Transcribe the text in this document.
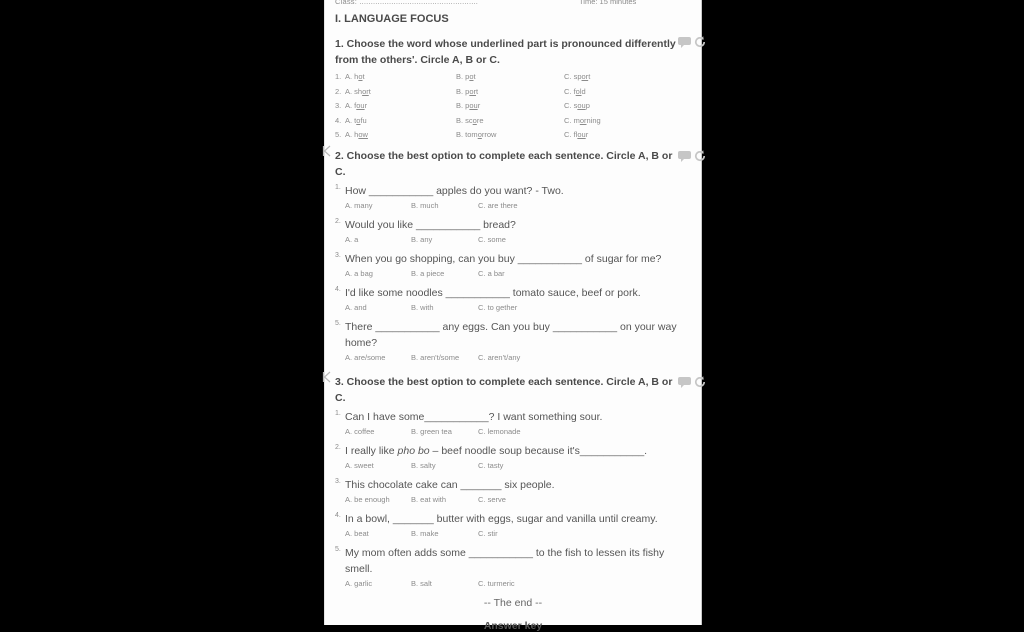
Class: ....................................................	Time: 15 minutes
I. LANGUAGE FOCUS
1. Choose the word whose underlined part is pronounced differently from the others'. Circle A, B or C.
1. A. hot	B. pot	C. sport
2. A. short	B. port	C. fold
3. A. four	B. pour	C. soup
4. A. tofu	B. score	C. morning
5. A. how	B. tomorrow	C. flour
2. Choose the best option to complete each sentence. Circle A, B or C.
1. How ___________ apples do you want? - Two.
A. many	B. much	C. are there
2. Would you like ___________ bread?
A. a	B. any	C. some
3. When you go shopping, can you buy ___________ of sugar for me?
A. a bag	B. a piece	C. a bar
4. I'd like some noodles ___________ tomato sauce, beef or pork.
A. and	B. with	C. to gether
5. There ___________ any eggs. Can you buy ___________ on your way home?
A. are/some	B. aren't/some	C. aren't/any
3. Choose the best option to complete each sentence. Circle A, B or C.
1. Can I have some___________? I want something sour.
A. coffee	B. green tea	C. lemonade
2. I really like pho bo – beef noodle soup because it's___________.
A. sweet	B. salty	C. tasty
3. This chocolate cake can _______ six people.
A. be enough	B. eat with	C. serve
4. In a bowl, _______ butter with eggs, sugar and vanilla until creamy.
A. beat	B. make	C. stir
5. My mom often adds some ___________ to the fish to lessen its fishy smell.
A. garlic	B. salt	C. turmeric
-- The end --
Answer key
